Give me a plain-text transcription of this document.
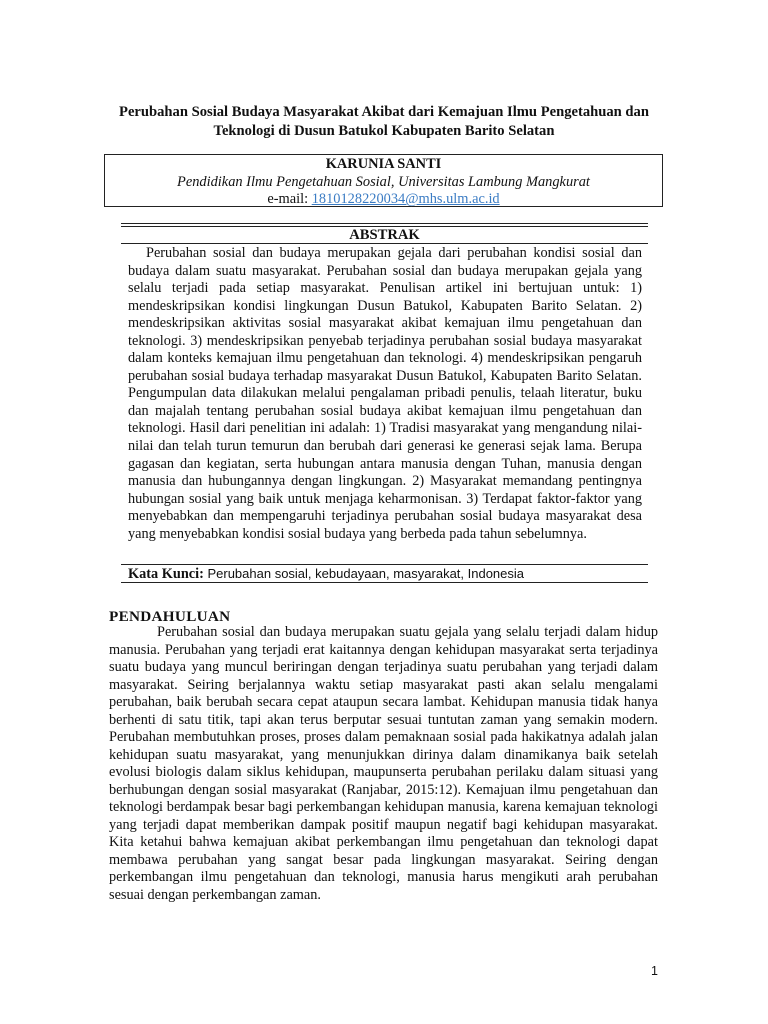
Perubahan Sosial Budaya Masyarakat Akibat dari Kemajuan Ilmu Pengetahuan dan Teknologi di Dusun Batukol Kabupaten Barito Selatan
KARUNIA SANTI
Pendidikan Ilmu Pengetahuan Sosial, Universitas Lambung Mangkurat
e-mail: 181012822003​4@mhs.ulm.ac.id
ABSTRAK

Perubahan sosial dan budaya merupakan gejala dari perubahan kondisi sosial dan budaya dalam suatu masyarakat. Perubahan sosial dan budaya merupakan gejala yang selalu terjadi pada setiap masyarakat. Penulisan artikel ini bertujuan untuk: 1) mendeskripsikan kondisi lingkungan Dusun Batukol, Kabupaten Barito Selatan. 2) mendeskripsikan aktivitas sosial masyarakat akibat kemajuan ilmu pengetahuan dan teknologi. 3) mendeskripsikan penyebab terjadinya perubahan sosial budaya masyarakat dalam konteks kemajuan ilmu pengetahuan dan teknologi. 4) mendeskripsikan pengaruh perubahan sosial budaya terhadap masyarakat Dusun Batukol, Kabupaten Barito Selatan. Pengumpulan data dilakukan melalui pengalaman pribadi penulis, telaah literatur, buku dan majalah tentang perubahan sosial budaya akibat kemajuan ilmu pengetahuan dan teknologi. Hasil dari penelitian ini adalah: 1) Tradisi masyarakat yang mengandung nilai-nilai dan telah turun temurun dan berubah dari generasi ke generasi sejak lama. Berupa gagasan dan kegiatan, serta hubungan antara manusia dengan Tuhan, manusia dengan manusia dan hubungannya dengan lingkungan. 2) Masyarakat memandang pentingnya hubungan sosial yang baik untuk menjaga keharmonisan. 3) Terdapat faktor-faktor yang menyebabkan dan mempengaruhi terjadinya perubahan sosial budaya masyarakat desa yang menyebabkan kondisi sosial budaya yang berbeda pada tahun sebelumnya.

Kata Kunci: Perubahan sosial, kebudayaan, masyarakat, Indonesia
PENDAHULUAN

Perubahan sosial dan budaya merupakan suatu gejala yang selalu terjadi dalam hidup manusia. Perubahan yang terjadi erat kaitannya dengan kehidupan masyarakat serta terjadinya suatu budaya yang muncul beriringan dengan terjadinya suatu perubahan yang terjadi dalam masyarakat. Seiring berjalannya waktu setiap masyarakat pasti akan selalu mengalami perubahan, baik berubah secara cepat ataupun secara lambat. Kehidupan manusia tidak hanya berhenti di satu titik, tapi akan terus berputar sesuai tuntutan zaman yang semakin modern. Perubahan membutuhkan proses, proses dalam pemaknaan sosial pada hakikatnya adalah jalan kehidupan suatu masyarakat, yang menunjukkan dirinya dalam dinamikanya baik setelah evolusi biologis dalam siklus kehidupan, maupunserta perubahan perilaku dalam situasi yang berhubungan dengan sosial masyarakat (Ranjabar, 2015:12). Kemajuan ilmu pengetahuan dan teknologi berdampak besar bagi perkembangan kehidupan manusia, karena kemajuan teknologi yang terjadi dapat memberikan dampak positif maupun negatif bagi kehidupan masyarakat. Kita ketahui bahwa kemajuan akibat perkembangan ilmu pengetahuan dan teknologi dapat membawa perubahan yang sangat besar pada lingkungan masyarakat. Seiring dengan perkembangan ilmu pengetahuan dan teknologi, manusia harus mengikuti arah perubahan sesuai dengan perkembangan zaman.

1
